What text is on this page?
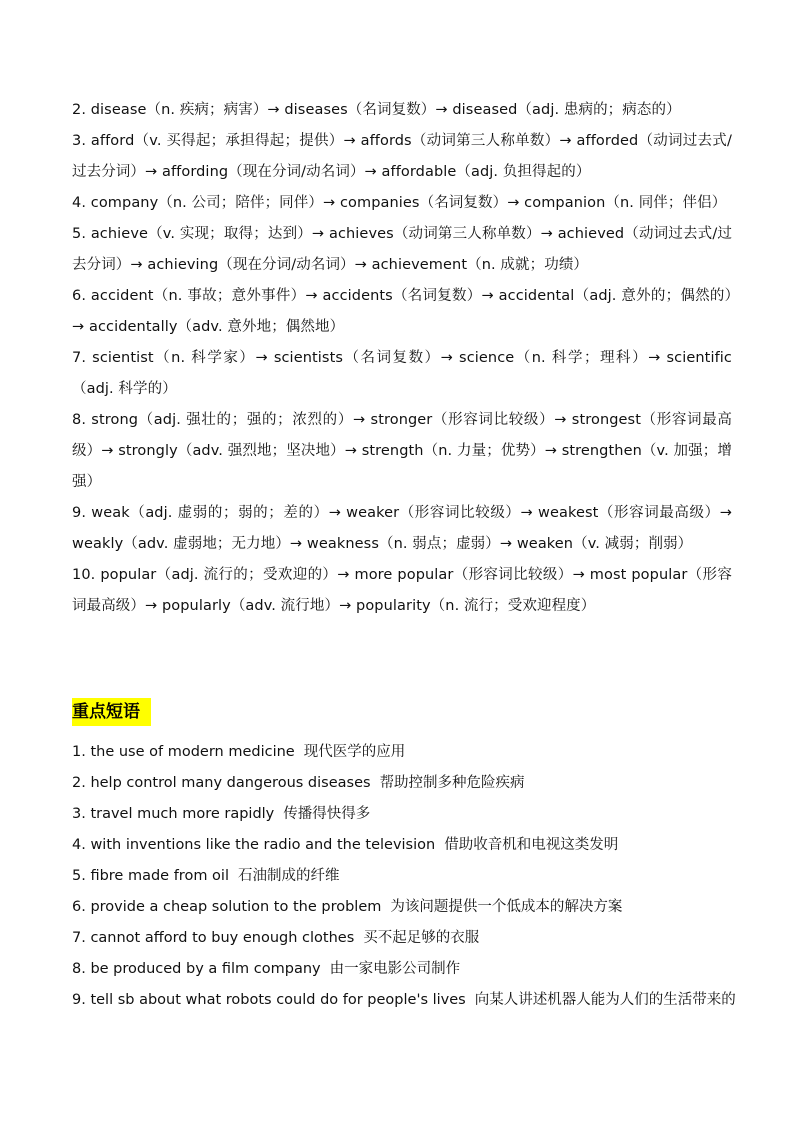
2. disease（n. 疾病；病害）→ diseases（名词复数）→ diseased（adj. 患病的；病态的）

3. afford（v. 买得起；承担得起；提供）→ affords（动词第三人称单数）→ afforded（动词过去式/过去分词）→ affording（现在分词/动名词）→ affordable（adj. 负担得起的）

4. company（n. 公司；陪伴；同伴）→ companies（名词复数）→ companion（n. 同伴；伴侣）

5. achieve（v. 实现；取得；达到）→ achieves（动词第三人称单数）→ achieved（动词过去式/过去分词）→ achieving（现在分词/动名词）→ achievement（n. 成就；功绩）

6. accident（n. 事故；意外事件）→ accidents（名词复数）→ accidental（adj. 意外的；偶然的）→ accidentally（adv. 意外地；偶然地）

7. scientist（n. 科学家）→ scientists（名词复数）→ science（n. 科学；理科）→ scientific（adj. 科学的）

8. strong（adj. 强壮的；强的；浓烈的）→ stronger（形容词比较级）→ strongest（形容词最高级）→ strongly（adv. 强烈地；坚决地）→ strength（n. 力量；优势）→ strengthen（v. 加强；增强）

9. weak（adj. 虚弱的；弱的；差的）→ weaker（形容词比较级）→ weakest（形容词最高级）→ weakly（adv. 虚弱地；无力地）→ weakness（n. 弱点；虚弱）→ weaken（v. 减弱；削弱）

10. popular（adj. 流行的；受欢迎的）→ more popular（形容词比较级）→ most popular（形容词最高级）→ popularly（adv. 流行地）→ popularity（n. 流行；受欢迎程度）

重点短语

1. the use of modern medicine 现代医学的应用

2. help control many dangerous diseases 帮助控制多种危险疾病

3. travel much more rapidly 传播得快得多

4. with inventions like the radio and the television 借助收音机和电视这类发明

5. fibre made from oil 石油制成的纤维

6. provide a cheap solution to the problem 为该问题提供一个低成本的解决方案

7. cannot afford to buy enough clothes 买不起足够的衣服

8. be produced by a film company 由一家电影公司制作

9. tell sb about what robots could do for people's lives 向某人讲述机器人能为人们的生活带来的
